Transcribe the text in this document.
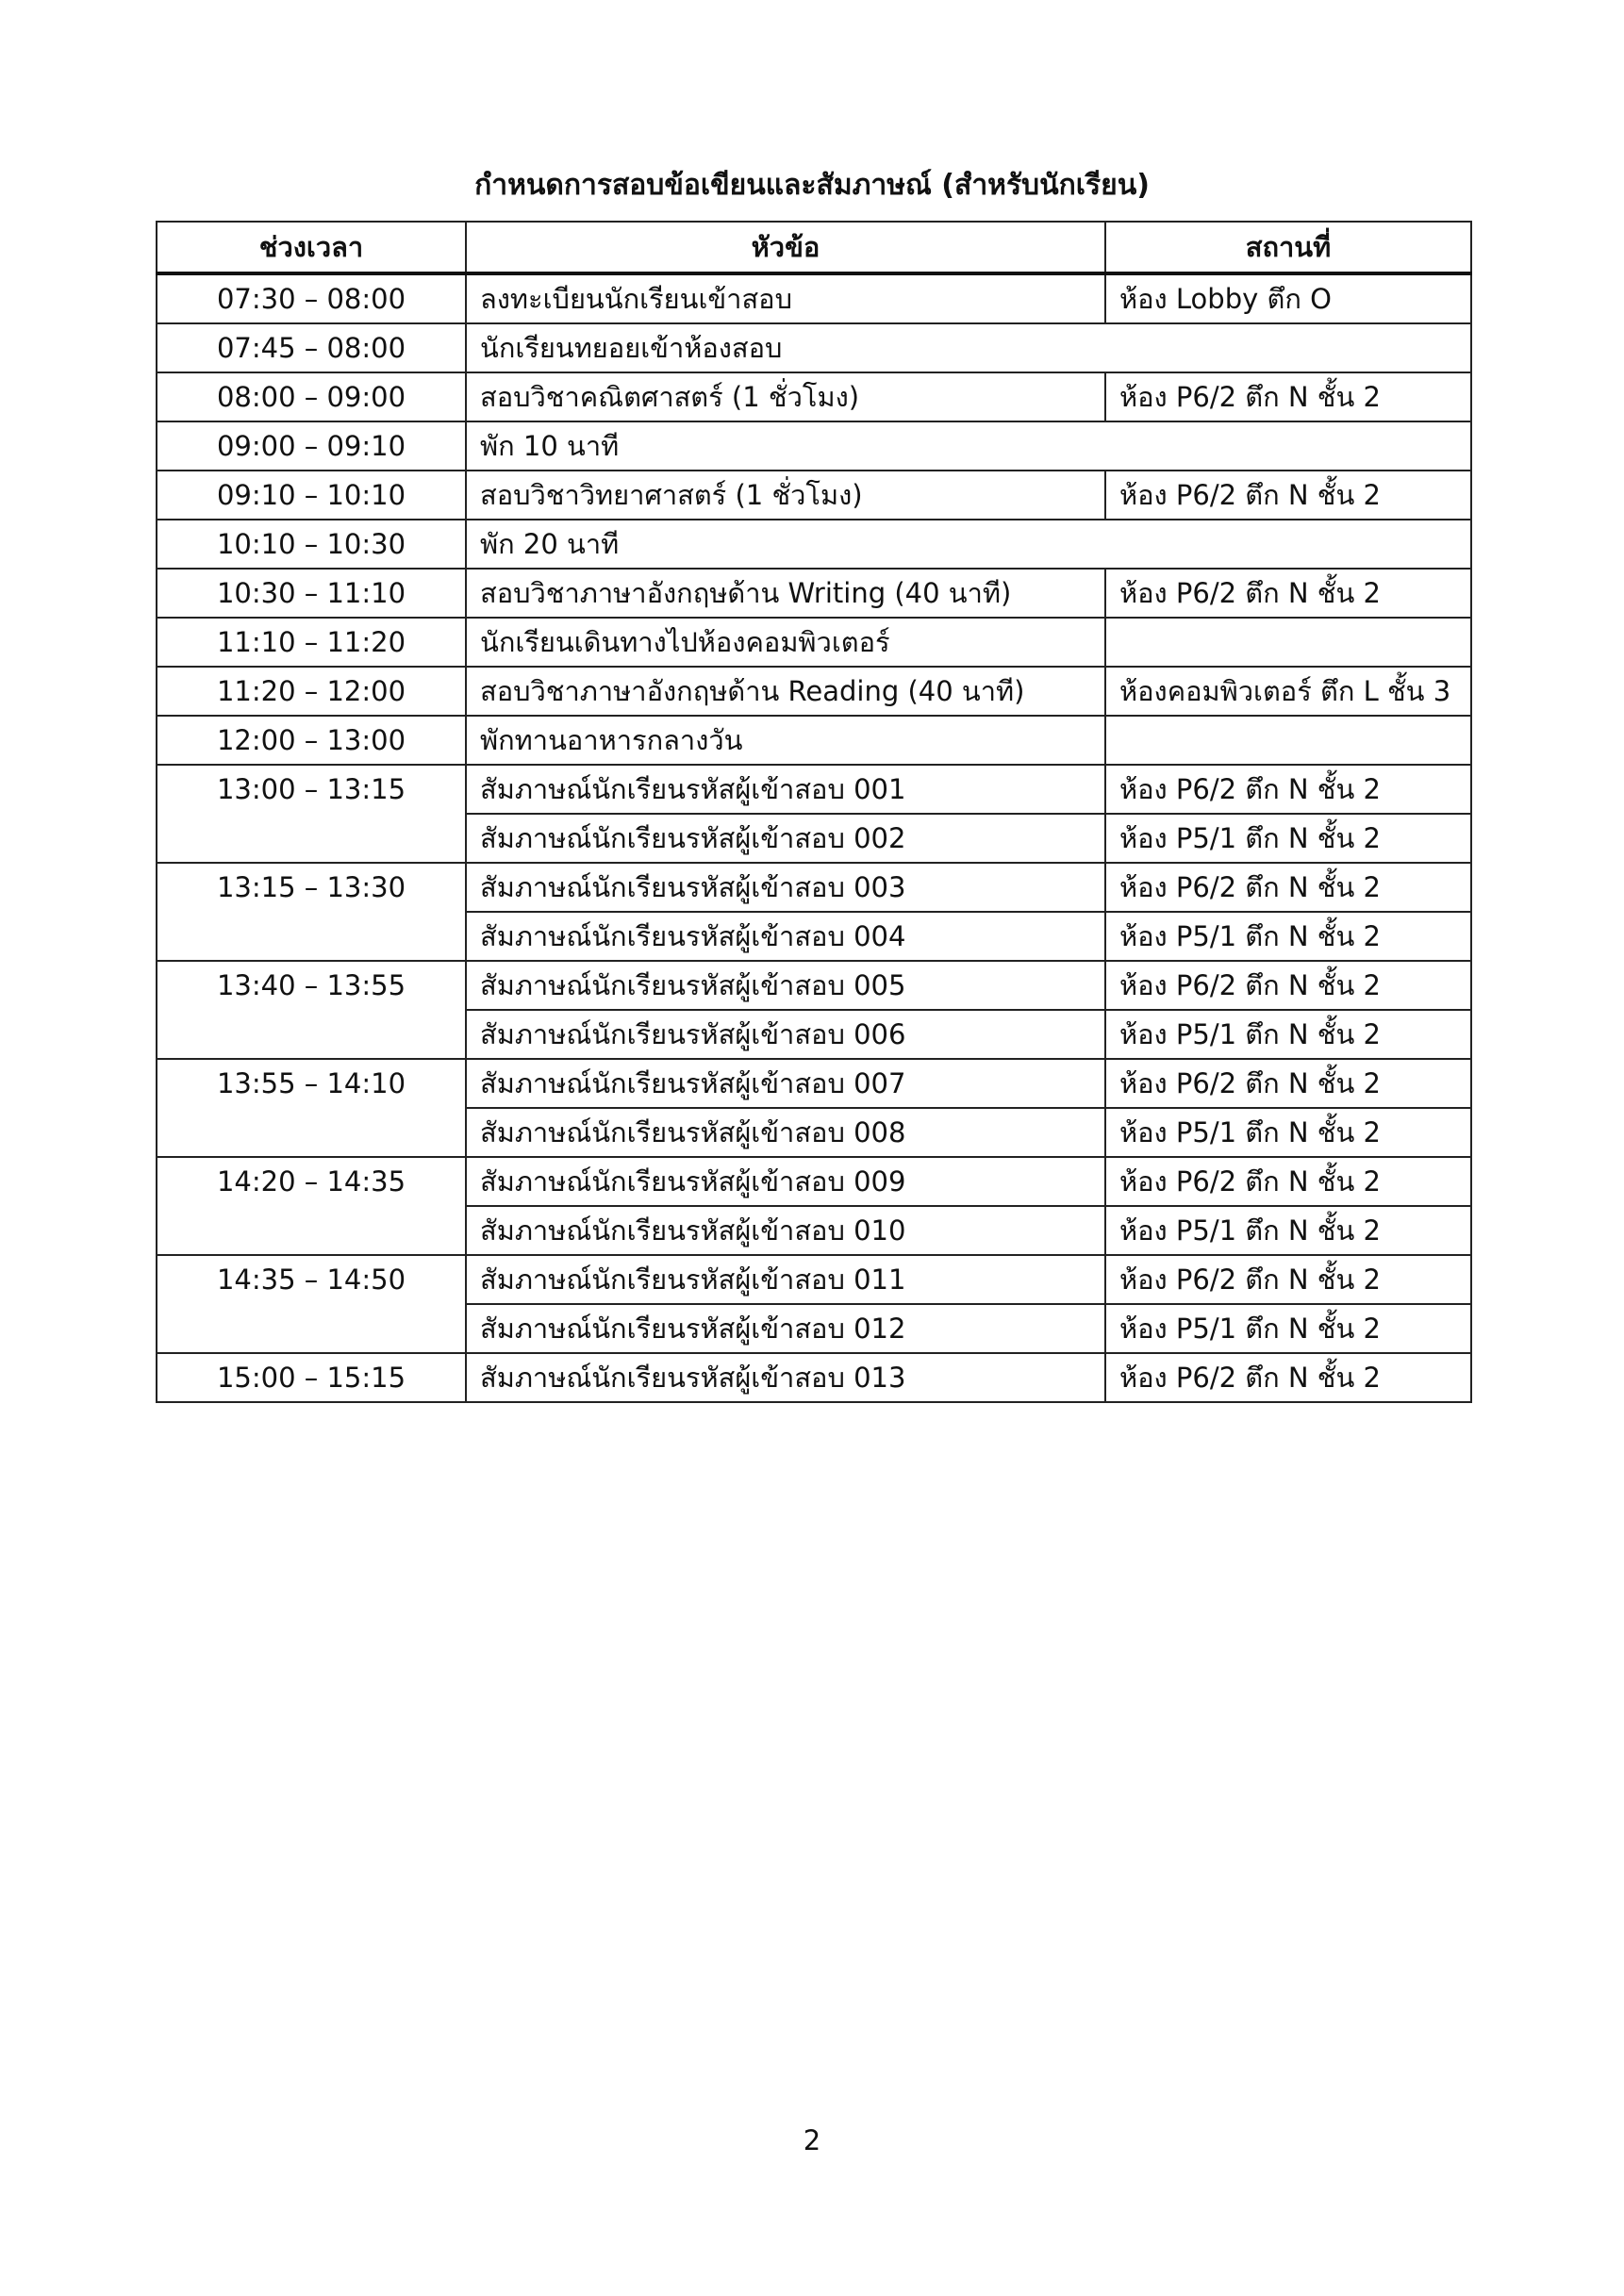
กำหนดการสอบข้อเขียนและสัมภาษณ์ (สำหรับนักเรียน)
ช่วงเวลา	หัวข้อ	สถานที่
07:30 – 08:00	ลงทะเบียนนักเรียนเข้าสอบ	ห้อง Lobby ตึก O
07:45 – 08:00	นักเรียนทยอยเข้าห้องสอบ	
08:00 – 09:00	สอบวิชาคณิตศาสตร์ (1 ชั่วโมง)	ห้อง P6/2 ตึก N ชั้น 2
09:00 – 09:10	พัก 10 นาที	
09:10 – 10:10	สอบวิชาวิทยาศาสตร์ (1 ชั่วโมง)	ห้อง P6/2 ตึก N ชั้น 2
10:10 – 10:30	พัก 20 นาที	
10:30 – 11:10	สอบวิชาภาษาอังกฤษด้าน Writing (40 นาที)	ห้อง P6/2 ตึก N ชั้น 2
11:10 – 11:20	นักเรียนเดินทางไปห้องคอมพิวเตอร์	
11:20 – 12:00	สอบวิชาภาษาอังกฤษด้าน Reading (40 นาที)	ห้องคอมพิวเตอร์ ตึก L ชั้น 3
12:00 – 13:00	พักทานอาหารกลางวัน	
13:00 – 13:15	สัมภาษณ์นักเรียนรหัสผู้เข้าสอบ 001	ห้อง P6/2 ตึก N ชั้น 2
	สัมภาษณ์นักเรียนรหัสผู้เข้าสอบ 002	ห้อง P5/1 ตึก N ชั้น 2
13:15 – 13:30	สัมภาษณ์นักเรียนรหัสผู้เข้าสอบ 003	ห้อง P6/2 ตึก N ชั้น 2
	สัมภาษณ์นักเรียนรหัสผู้เข้าสอบ 004	ห้อง P5/1 ตึก N ชั้น 2
13:40 – 13:55	สัมภาษณ์นักเรียนรหัสผู้เข้าสอบ 005	ห้อง P6/2 ตึก N ชั้น 2
	สัมภาษณ์นักเรียนรหัสผู้เข้าสอบ 006	ห้อง P5/1 ตึก N ชั้น 2
13:55 – 14:10	สัมภาษณ์นักเรียนรหัสผู้เข้าสอบ 007	ห้อง P6/2 ตึก N ชั้น 2
	สัมภาษณ์นักเรียนรหัสผู้เข้าสอบ 008	ห้อง P5/1 ตึก N ชั้น 2
14:20 – 14:35	สัมภาษณ์นักเรียนรหัสผู้เข้าสอบ 009	ห้อง P6/2 ตึก N ชั้น 2
	สัมภาษณ์นักเรียนรหัสผู้เข้าสอบ 010	ห้อง P5/1 ตึก N ชั้น 2
14:35 – 14:50	สัมภาษณ์นักเรียนรหัสผู้เข้าสอบ 011	ห้อง P6/2 ตึก N ชั้น 2
	สัมภาษณ์นักเรียนรหัสผู้เข้าสอบ 012	ห้อง P5/1 ตึก N ชั้น 2
15:00 – 15:15	สัมภาษณ์นักเรียนรหัสผู้เข้าสอบ 013	ห้อง P6/2 ตึก N ชั้น 2
2
